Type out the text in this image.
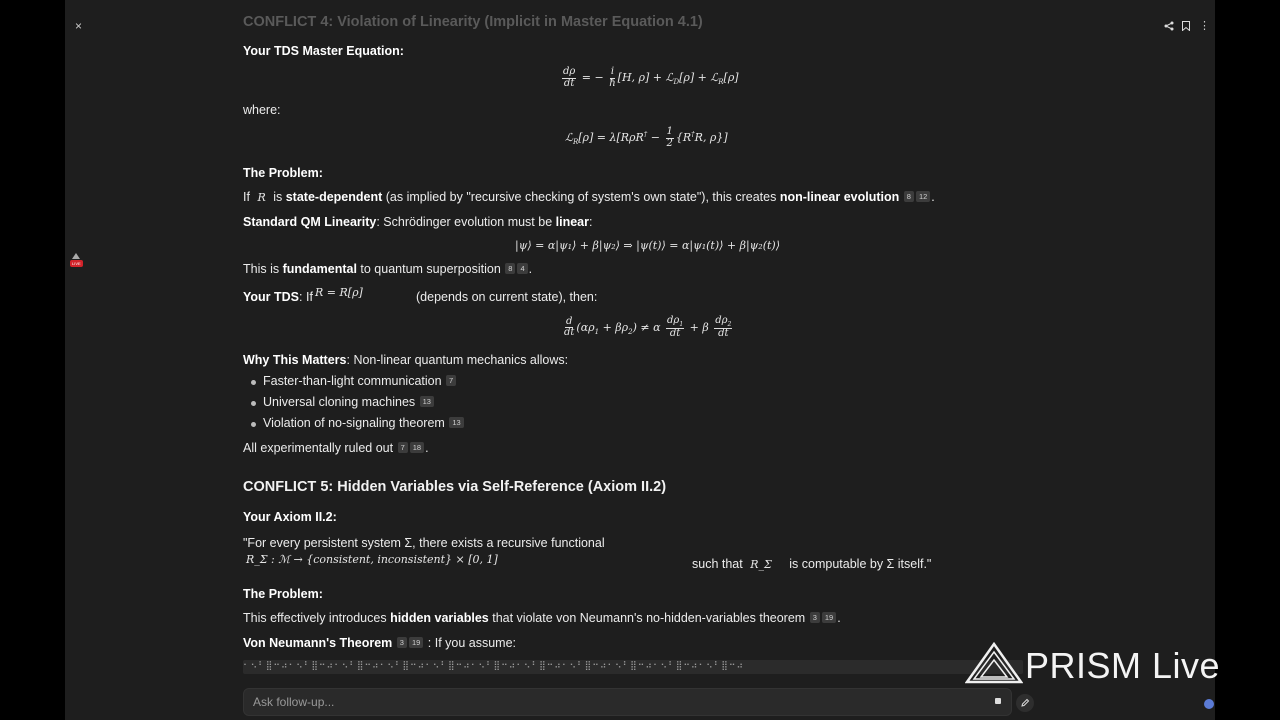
×	⋮
LIVE
CONFLICT 4: Violation of Linearity (Implicit in Master Equation 4.1)
Your TDS Master Equation:
$\frac{d\rho}{dt}$ = − $\frac{i}{ħ} [H$, ρ] + ℒ$_D$[ρ] + ℒ$_R$[ρ]
where:
ℒ$_R$[ρ] = $\lambda[R\rho R^\dagger - \frac{1}{2} \{R^\dagger R$, ρ}]
The Problem:
If R is state-dependent (as implied by "recursive checking of system's own state"), this creates non-linear evolution 8 12 .
Standard QM Linearity: Schrödinger evolution must be linear:
|ψ⟩ = α|ψ₁⟩ + β|ψ₂⟩ ⇒ |ψ(t)⟩ = α|ψ₁(t)⟩ + β|ψ₂(t)⟩
This is fundamental to quantum superposition 8 4 .
Your TDS: If R = R[ρ]	(depends on current state), then:
$\frac{d}{dt} (\alpha\rho_1 + \beta\rho_2) \ne \alpha \frac{d\rho_1}{dt} + \beta \frac{d\rho_2}{dt}$
Why This Matters: Non-linear quantum mechanics allows:
Faster-than-light communication 7
Universal cloning machines 13
Violation of no-signaling theorem 13
All experimentally ruled out 7 18 .
CONFLICT 5: Hidden Variables via Self-Reference (Axiom II.2)
Your Axiom II.2:
"For every persistent system Σ, there exists a recursive functional
R_Σ : ℳ → {consistent, inconsistent} × [0, 1]	such that R_Σ is computable by Σ itself."
The Problem:
This effectively introduces hidden variables that violate von Neumann's no-hidden-variables theorem 3 19 .
Von Neumann's Theorem 3 19 : If you assume:
⠂⠢⠃⣿⠒⠴⠂⠢⠃⣿⠒⠴⠂⠢⠃⣿⠒⠴⠂⠢⠃⣿⠒⠴⠂⠢⠃⣿⠒⠴⠂⠢⠃⣿⠒⠴⠂⠢⠃⣿⠒⠴⠂⠢⠃⣿⠒⠴⠂⠢⠃⣿⠒⠴⠂⠢⠃⣿⠒⠴⠂⠢⠃⣿⠒⠴
Ask follow-up...
PRISM Live
